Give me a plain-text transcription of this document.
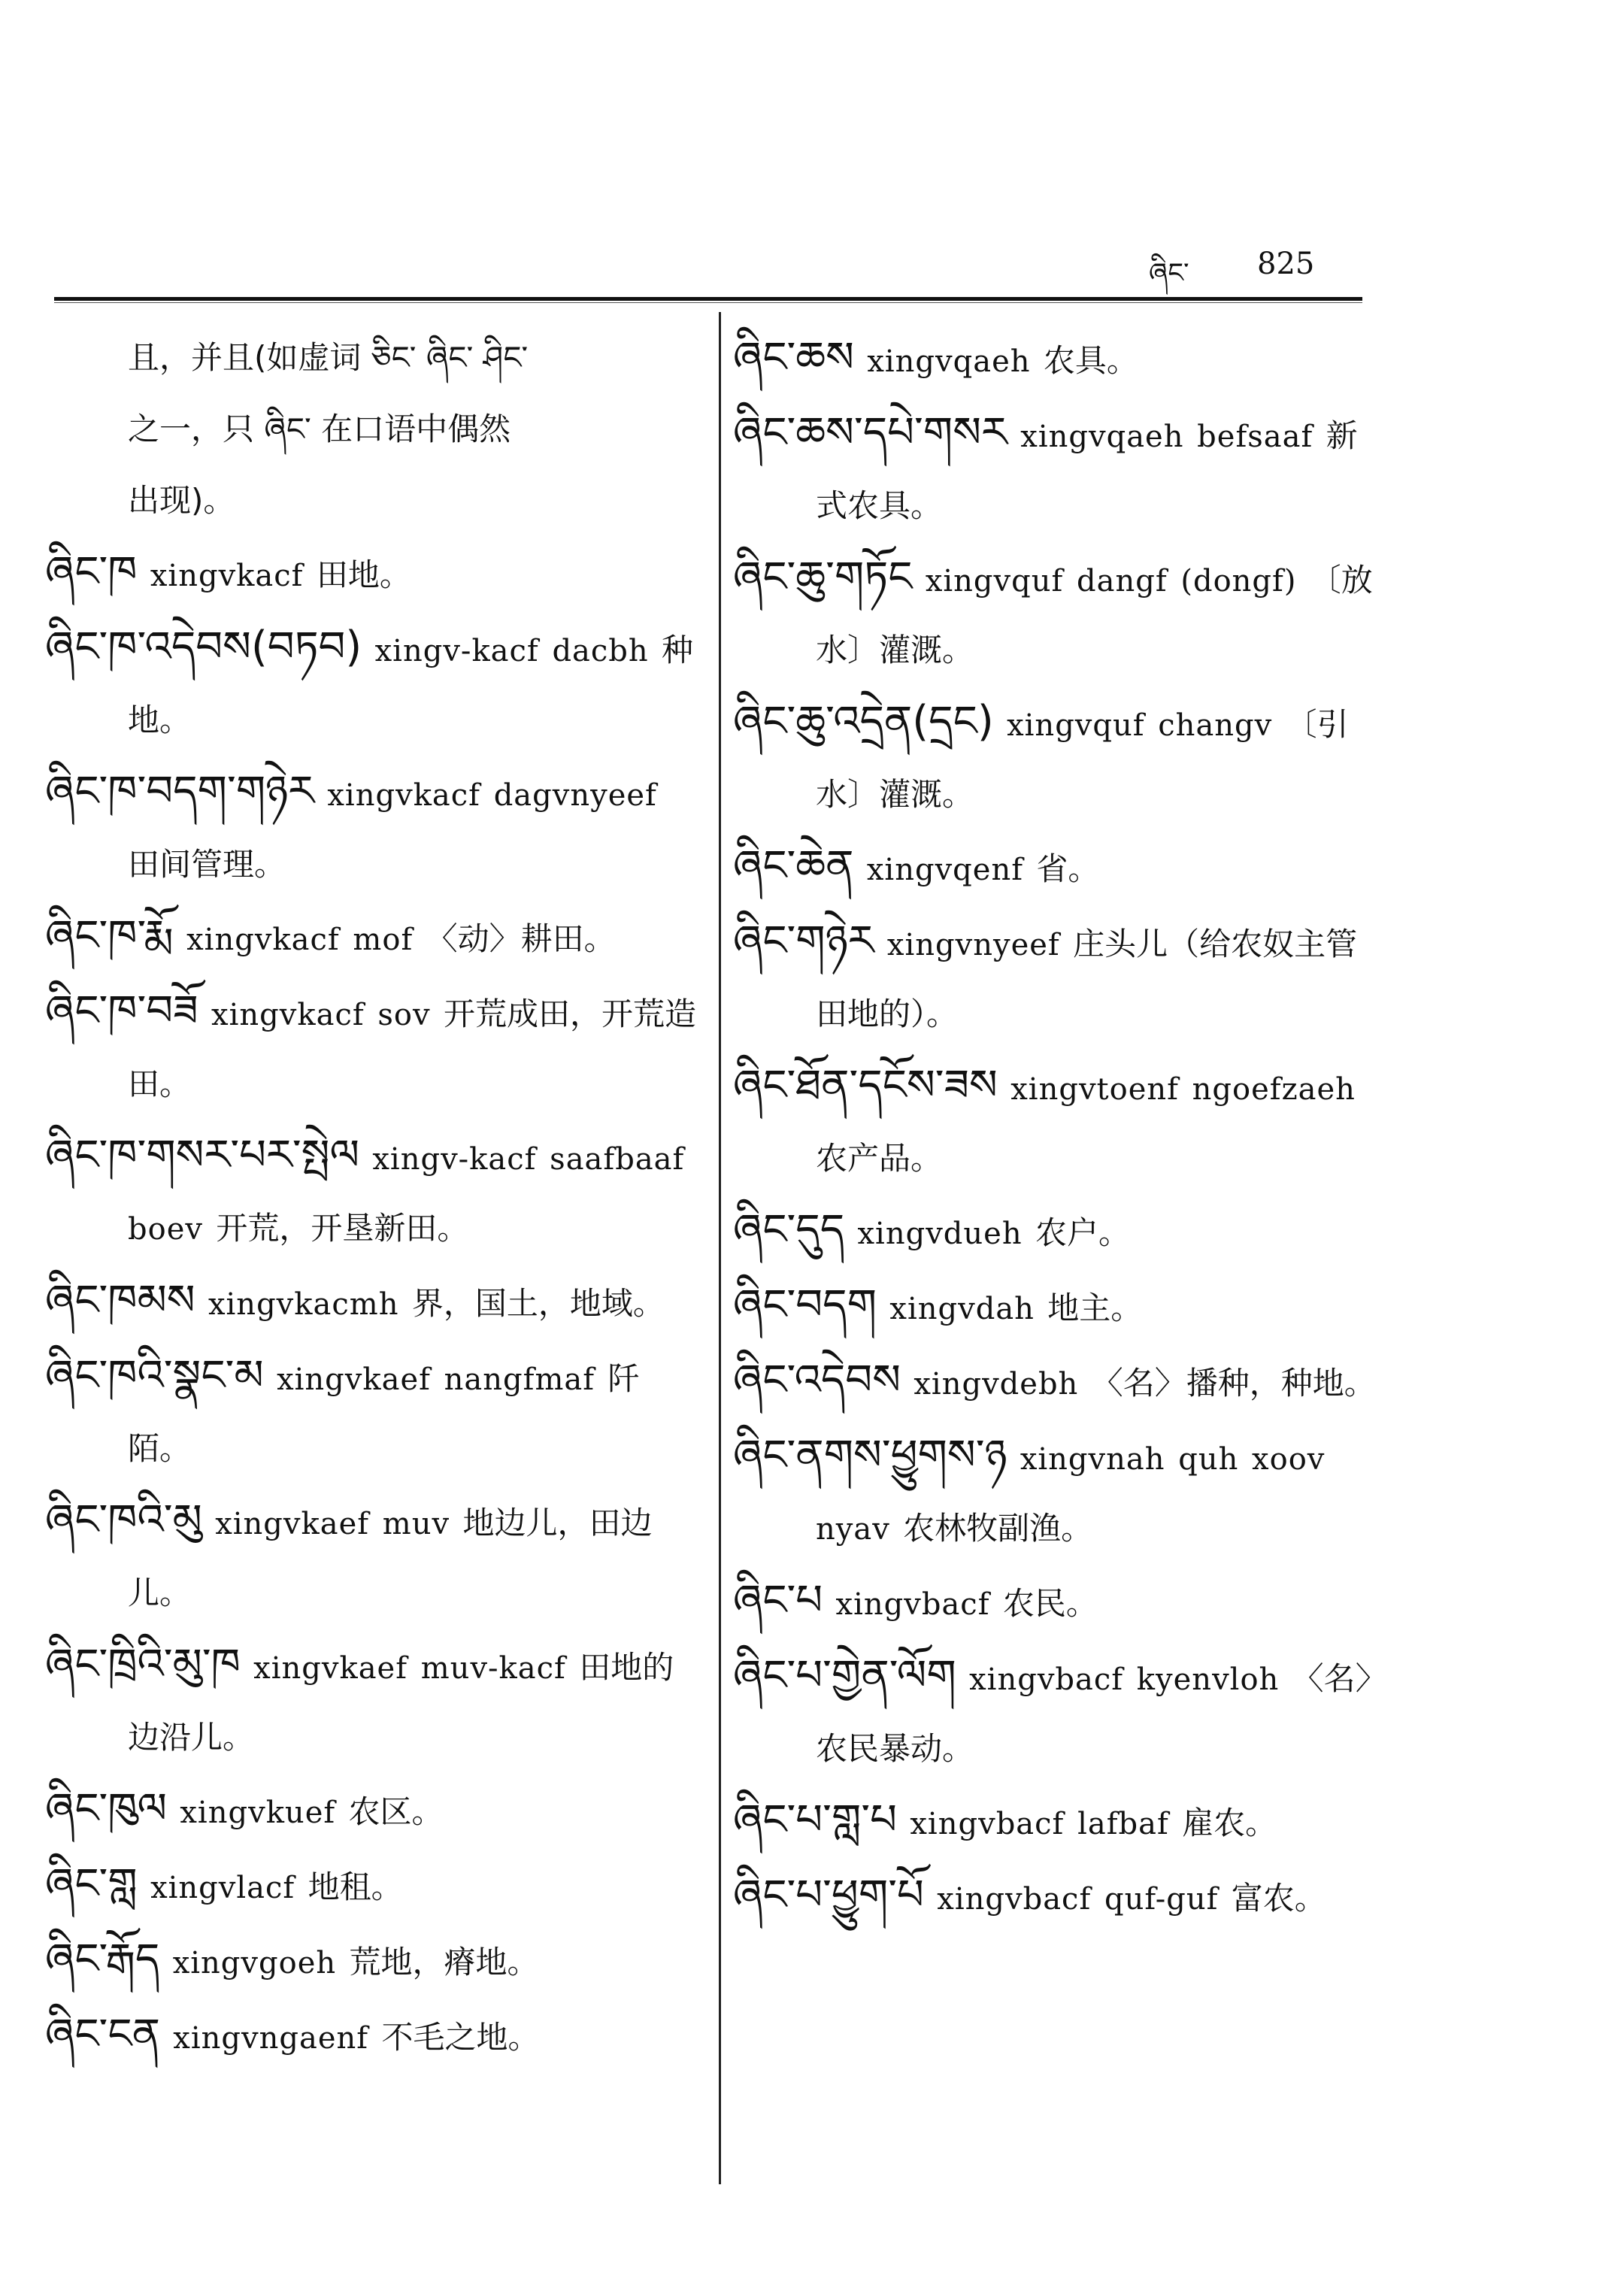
ཞིང་ 825

且，并且(如虚词 ཅིང་ ཞིང་ ཤིང་

之一，只 ཞིང་ 在口语中偶然

出现)。

ཞིང་ཁ xingvkacf 田地。

ཞིང་ཁ་འདེབས(བཏབ) xingv-kacf dacbh 种地。

ཞིང་ཁ་བདག་གཉེར xingvkacf dagvnyeef 田间管理。

ཞིང་ཁ་རྨོ xingvkacf mof 〈动〉耕田。

ཞིང་ཁ་བཟོ xingvkacf sov 开荒成田，开荒造田。

ཞིང་ཁ་གསར་པར་སྤེལ xingv-kacf saafbaaf boev 开荒，开垦新田。

ཞིང་ཁམས xingvkacmh 界，国土，地域。

ཞིང་ཁའི་སྣང་མ xingvkaef nangfmaf 阡陌。

ཞིང་ཁའི་མུ xingvkaef muv 地边儿，田边儿。

ཞིང་ཁྲིའི་མུ་ཁ xingvkaef muv-kacf 田地的边沿儿。

ཞིང་ཁུལ xingvkuef 农区。

ཞིང་གླ xingvlacf 地租。

ཞིང་རྒོད xingvgoeh 荒地，瘠地。

ཞིང་ངན xingvngaenf 不毛之地。

ཞིང་ཆས xingvqaeh 农具。

ཞིང་ཆས་དཔེ་གསར xingvqaeh befsaaf 新式农具。

ཞིང་ཆུ་གཏོང xingvquf dangf (dongf) 〔放水〕灌溉。

ཞིང་ཆུ་འདྲེན(དྲང) xingvquf changv 〔引水〕灌溉。

ཞིང་ཆེན xingvqenf 省。

ཞིང་གཉེར xingvnyeef 庄头儿（给农奴主管田地的）。

ཞིང་ཐོན་དངོས་ཟས xingvtoenf ngoefzaeh 农产品。

ཞིང་དུད xingvdueh 农户。

ཞིང་བདག xingvdah 地主。

ཞིང་འདེབས xingvdebh 〈名〉播种，种地。

ཞིང་ནགས་ཕྱུགས་ཉ xingvnah quh xoov nyav 农林牧副渔。

ཞིང་པ xingvbacf 农民。

ཞིང་པ་གྱེན་ལོག xingvbacf kyenvloh 〈名〉农民暴动。

ཞིང་པ་གླ་པ xingvbacf lafbaf 雇农。

ཞིང་པ་ཕྱུག་པོ xingvbacf quf-guf 富农。
